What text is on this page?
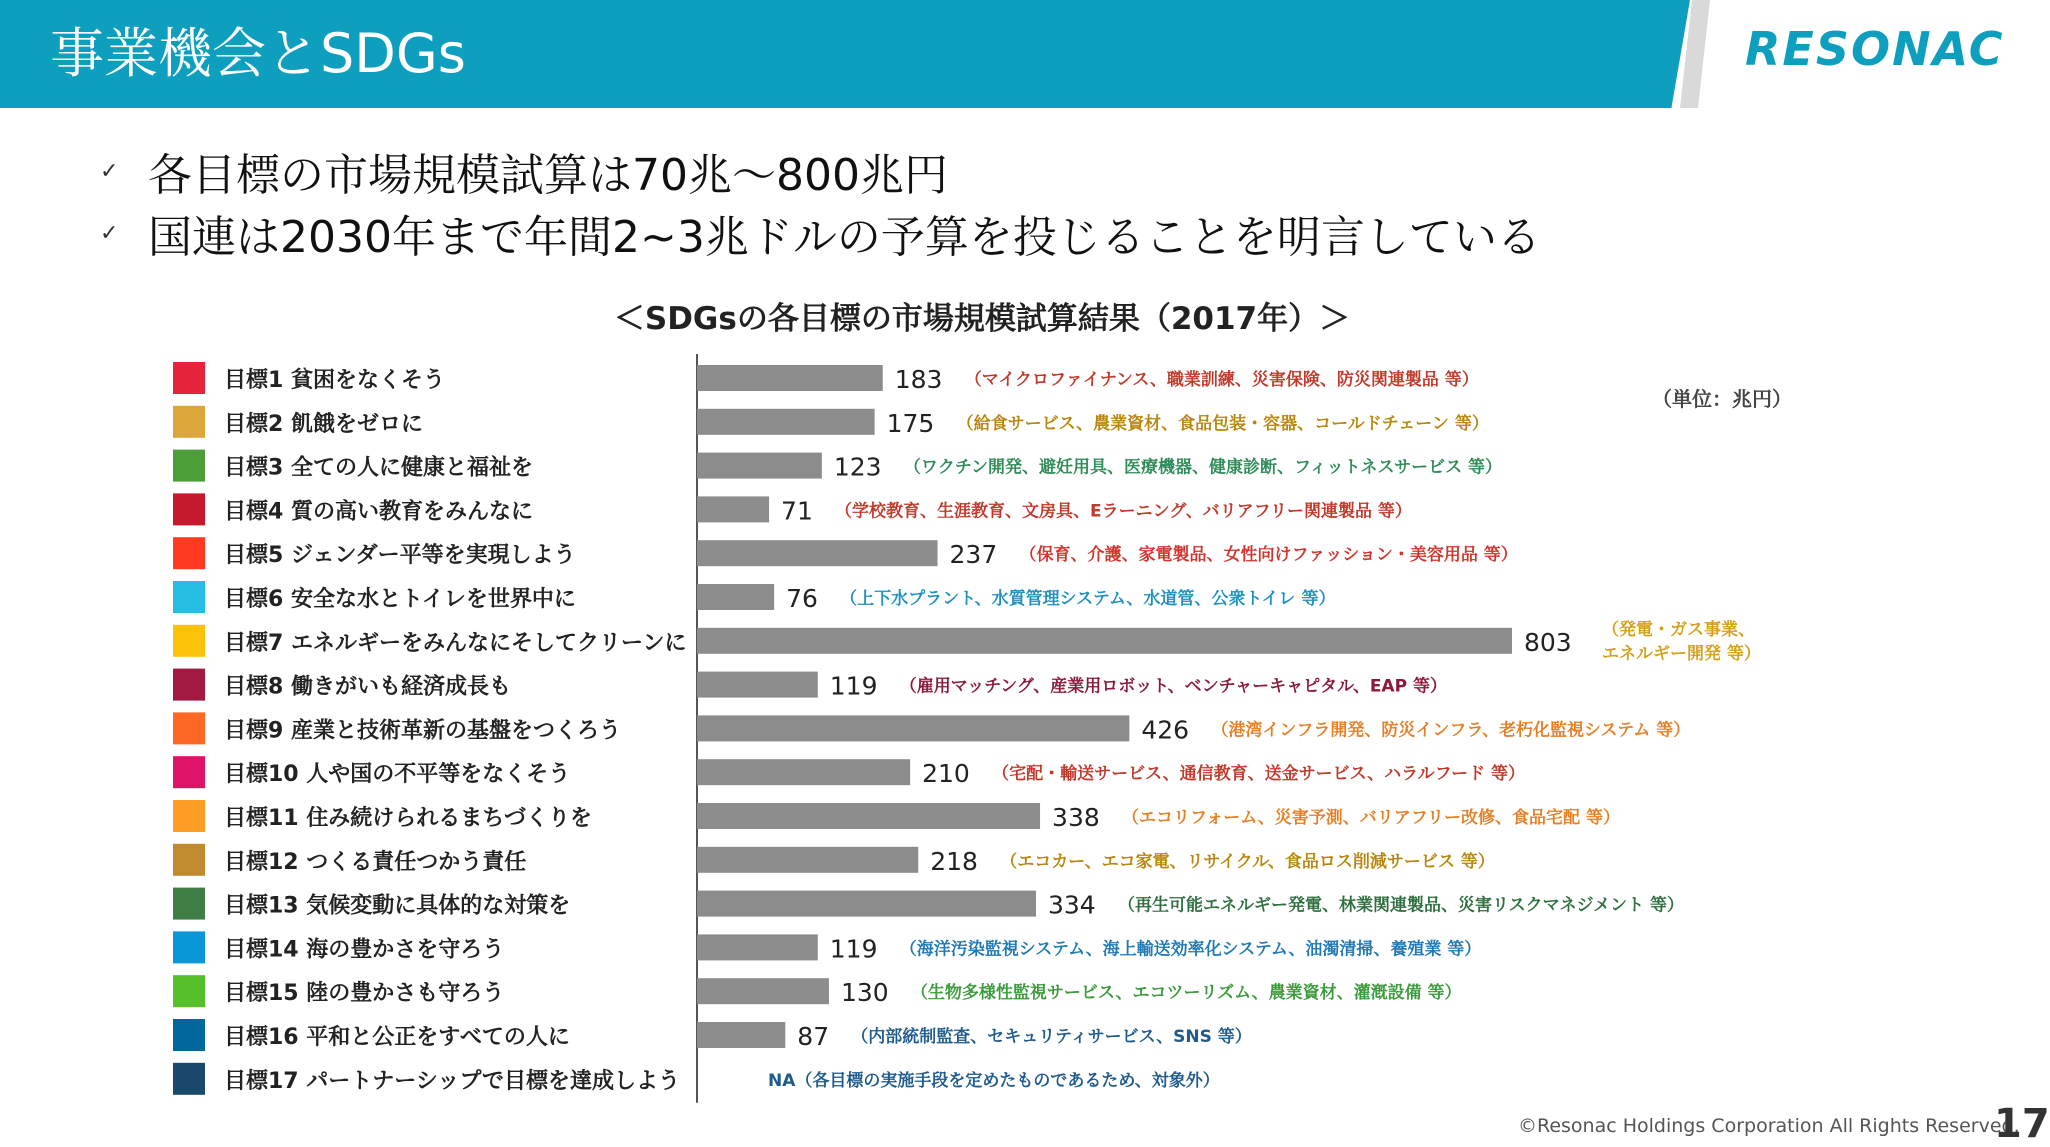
事業機会とSDGs	RESONAC
✓ 各目標の市場規模試算は70兆～800兆円
✓ 国連は2030年まで年間2~3兆ドルの予算を投じることを明言している
＜SDGsの各目標の市場規模試算結果（2017年）＞
（単位：兆円）
目標1 貧困をなくそう	183 （マイクロファイナンス、職業訓練、災害保険、防災関連製品 等）
目標2 飢餓をゼロに	175 （給食サービス、農業資材、食品包装・容器、コールドチェーン 等）
目標3 全ての人に健康と福祉を	123 （ワクチン開発、避妊用具、医療機器、健康診断、フィットネスサービス 等）
目標4 質の高い教育をみんなに	71 （学校教育、生涯教育、文房具、Eラーニング、バリアフリー関連製品 等）
目標5 ジェンダー平等を実現しよう	237 （保育、介護、家電製品、女性向けファッション・美容用品 等）
目標6 安全な水とトイレを世界中に	76 （上下水プラント、水質管理システム、水道管、公衆トイレ 等）
目標7 エネルギーをみんなにそしてクリーンに	803 （発電・ガス事業、
エネルギー開発 等）
目標8 働きがいも経済成長も	119 （雇用マッチング、産業用ロボット、ベンチャーキャピタル、EAP 等）
目標9 産業と技術革新の基盤をつくろう	426 （港湾インフラ開発、防災インフラ、老朽化監視システム 等）
目標10 人や国の不平等をなくそう	210 （宅配・輸送サービス、通信教育、送金サービス、ハラルフード 等）
目標11 住み続けられるまちづくりを	338 （エコリフォーム、災害予測、バリアフリー改修、食品宅配 等）
目標12 つくる責任つかう責任	218 （エコカー、エコ家電、リサイクル、食品ロス削減サービス 等）
目標13 気候変動に具体的な対策を	334 （再生可能エネルギー発電、林業関連製品、災害リスクマネジメント 等）
目標14 海の豊かさを守ろう	119 （海洋汚染監視システム、海上輸送効率化システム、油濁清掃、養殖業 等）
目標15 陸の豊かさも守ろう	130 （生物多様性監視サービス、エコツーリズム、農業資材、灌漑設備 等）
目標16 平和と公正をすべての人に	87 （内部統制監査、セキュリティサービス、SNS 等）
目標17 パートナーシップで目標を達成しよう	NA（各目標の実施手段を定めたものであるため、対象外）
©Resonac Holdings Corporation All Rights Reserved.
17
